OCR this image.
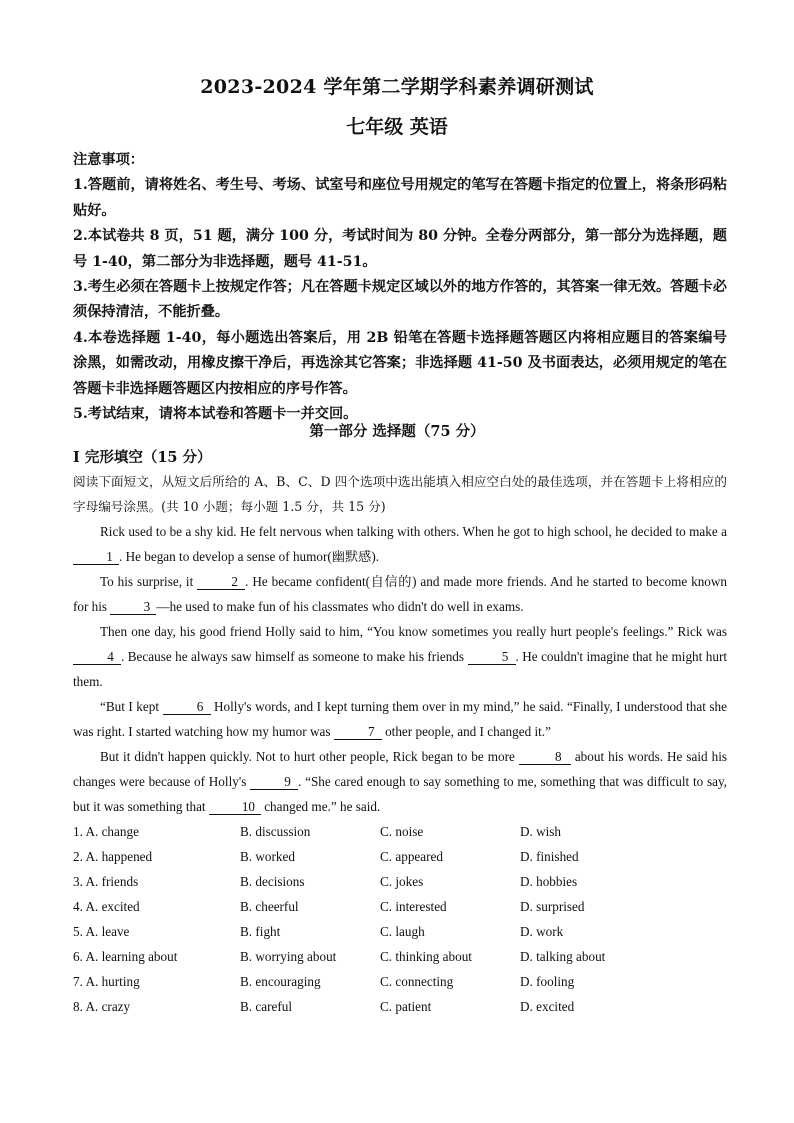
2023-2024 学年第二学期学科素养调研测试
七年级 英语

注意事项：

1.答题前，请将姓名、考生号、考场、试室号和座位号用规定的笔写在答题卡指定的位置上，将条形码粘贴好。

2.本试卷共 8 页，51 题，满分 100 分，考试时间为 80 分钟。全卷分两部分，第一部分为选择题，题号 1-40，第二部分为非选择题，题号 41-51。

3.考生必须在答题卡上按规定作答；凡在答题卡规定区域以外的地方作答的，其答案一律无效。答题卡必须保持清洁，不能折叠。

4.本卷选择题 1-40，每小题选出答案后，用 2B 铅笔在答题卡选择题答题区内将相应题目的答案编号涂黑，如需改动，用橡皮擦干净后，再选涂其它答案；非选择题 41-50 及书面表达，必须用规定的笔在答题卡非选择题答题区内按相应的序号作答。

5.考试结束，请将本试卷和答题卡一并交回。

第一部分 选择题（75 分）
Ⅰ 完形填空（15 分）
阅读下面短文，从短文后所给的 A、B、C、D 四个选项中选出能填入相应空白处的最佳选项，并在答题卡上将相应的字母编号涂黑。(共 10 小题；每小题 1.5 分，共 15 分)

Rick used to be a shy kid. He felt nervous when talking with others. When he got to high school, he decided to make a 1 . He began to develop a sense of humor(幽默感).

To his surprise, it	2 . He became confident(自信的) and made more friends. And he started to become known for his	3 —he used to make fun of his classmates who didn't do well in exams.

Then one day, his good friend Holly said to him, “You know sometimes you really hurt people's feelings.” Rick was 4 . Because he always saw himself as someone to make his friends	5 . He couldn't imagine that he might hurt them.

“But I kept	6 Holly's words, and I kept turning them over in my mind,” he said. “Finally, I understood that she was right. I started watching how my humor was	7 other people, and I changed it.”

But it didn't happen quickly. Not to hurt other people, Rick began to be more	8 about his words. He said his changes were because of Holly's	9 . “She cared enough to say something to me, something that was difficult to say, but it was something that 10 changed me.” he said.

1. A. change	B. discussion	C. noise	D. wish
2. A. happened	B. worked	C. appeared	D. finished
3. A. friends	B. decisions	C. jokes	D. hobbies
4. A. excited	B. cheerful	C. interested	D. surprised
5. A. leave	B. fight	C. laugh	D. work
6. A. learning about	B. worrying about	C. thinking about	D. talking about
7. A. hurting	B. encouraging	C. connecting	D. fooling
8. A. crazy	B. careful	C. patient	D. excited
